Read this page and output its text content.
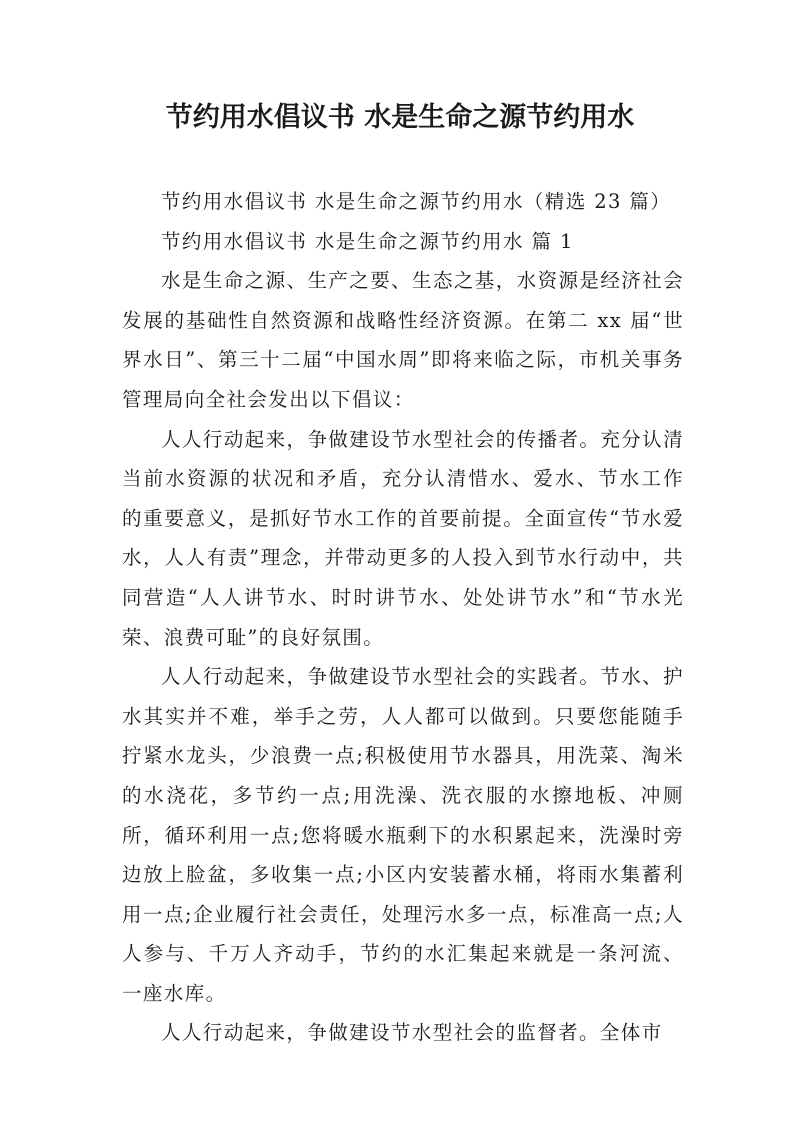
节约用水倡议书 水是生命之源节约用水

节约用水倡议书 水是生命之源节约用水（精选 23 篇）

节约用水倡议书 水是生命之源节约用水 篇 1

水是生命之源、生产之要、生态之基，水资源是经济社会发展的基础性自然资源和战略性经济资源。在第二 xx 届“世界水日”、第三十二届“中国水周”即将来临之际，市机关事务管理局向全社会发出以下倡议：

人人行动起来，争做建设节水型社会的传播者。充分认清当前水资源的状况和矛盾，充分认清惜水、爱水、节水工作的重要意义，是抓好节水工作的首要前提。全面宣传“节水爱水，人人有责”理念，并带动更多的人投入到节水行动中，共同营造“人人讲节水、时时讲节水、处处讲节水”和“节水光荣、浪费可耻”的良好氛围。

人人行动起来，争做建设节水型社会的实践者。节水、护水其实并不难，举手之劳，人人都可以做到。只要您能随手拧紧水龙头，少浪费一点;积极使用节水器具，用洗菜、淘米的水浇花，多节约一点;用洗澡、洗衣服的水擦地板、冲厕所，循环利用一点;您将暖水瓶剩下的水积累起来，洗澡时旁边放上脸盆，多收集一点;小区内安装蓄水桶，将雨水集蓄利用一点;企业履行社会责任，处理污水多一点，标准高一点;人人参与、千万人齐动手，节约的水汇集起来就是一条河流、一座水库。

人人行动起来，争做建设节水型社会的监督者。全体市
